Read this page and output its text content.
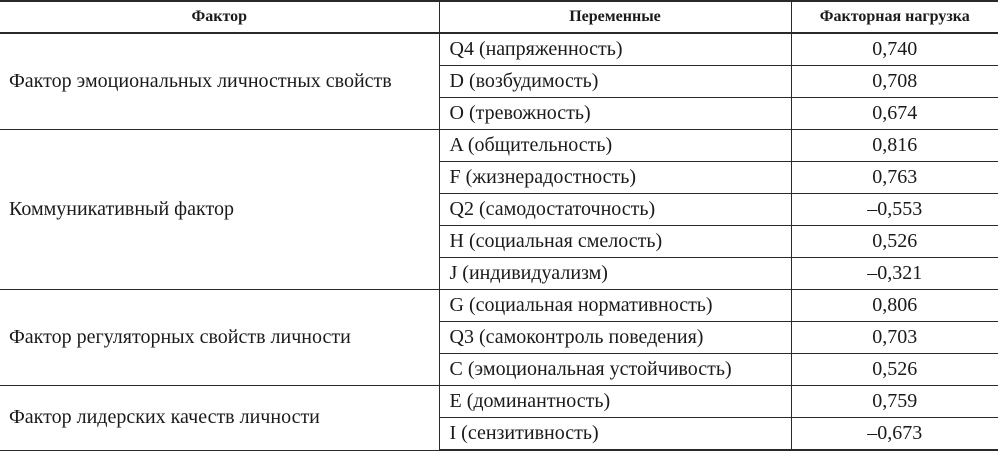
Фактор	Переменные	Факторная нагрузка
Фактор эмоциональных личностных свойств	Q4 (напряженность)	0,740
	D (возбудимость)	0,708
	O (тревожность)	0,674
Коммуникативный фактор	A (общительность)	0,816
	F (жизнерадостность)	0,763
	Q2 (самодостаточность)	–0,553
	H (социальная смелость)	0,526
	J (индивидуализм)	–0,321
Фактор регуляторных свойств личности	G (социальная нормативность)	0,806
	Q3 (самоконтроль поведения)	0,703
	C (эмоциональная устойчивость)	0,526
Фактор лидерских качеств личности	E (доминантность)	0,759
	I (сензитивность)	–0,673
